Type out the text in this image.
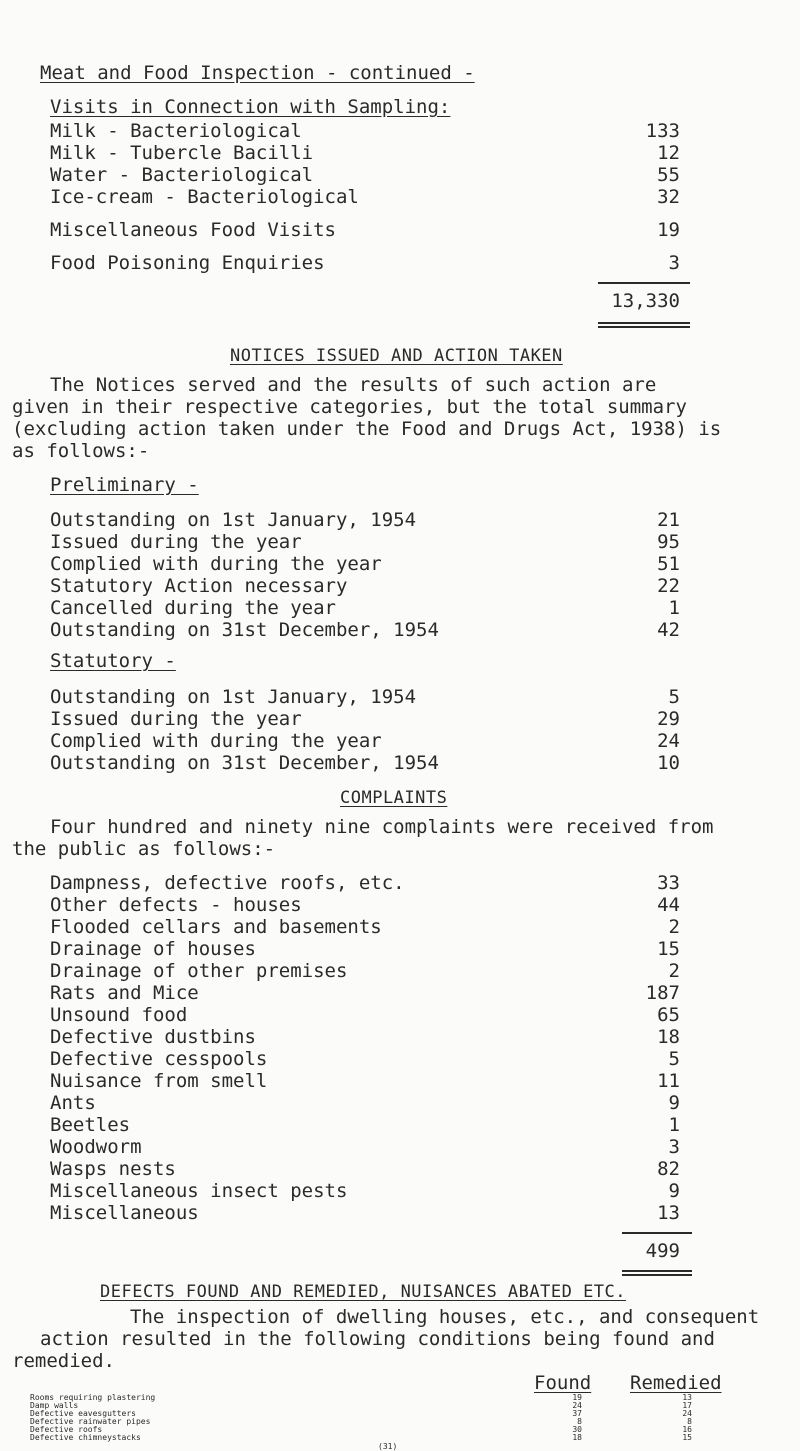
Meat and Food Inspection - continued -
Visits in Connection with Sampling:
Milk - Bacteriological	133
Milk - Tubercle Bacilli	12
Water - Bacteriological	55
Ice-cream - Bacteriological	32
Miscellaneous Food Visits	19
Food Poisoning Enquiries	3
13,330
NOTICES ISSUED AND ACTION TAKEN
The Notices served and the results of such action are
given in their respective categories, but the total summary
(excluding action taken under the Food and Drugs Act, 1938) is
as follows:-
Preliminary -
Outstanding on 1st January, 1954	21
Issued during the year	95
Complied with during the year	51
Statutory Action necessary	22
Cancelled during the year	1
Outstanding on 31st December, 1954	42
Statutory -
Outstanding on 1st January, 1954	5
Issued during the year	29
Complied with during the year	24
Outstanding on 31st December, 1954	10
COMPLAINTS
Four hundred and ninety nine complaints were received from
the public as follows:-
Dampness, defective roofs, etc.	33
Other defects - houses	44
Flooded cellars and basements	2
Drainage of houses	15
Drainage of other premises	2
Rats and Mice	187
Unsound food	65
Defective dustbins	18
Defective cesspools	5
Nuisance from smell	11
Ants	9
Beetles	1
Woodworm	3
Wasps nests	82
Miscellaneous insect pests	9
Miscellaneous	13
499
DEFECTS FOUND AND REMEDIED, NUISANCES ABATED ETC.
The inspection of dwelling houses, etc., and consequent
action resulted in the following conditions being found and
remedied.
Found Remedied
Rooms requiring plastering	19	13
Damp walls	24	17
Defective eavesgutters	37	24
Defective rainwater pipes	8	8
Defective roofs	30	16
Defective chimneystacks	18	15
(31)
